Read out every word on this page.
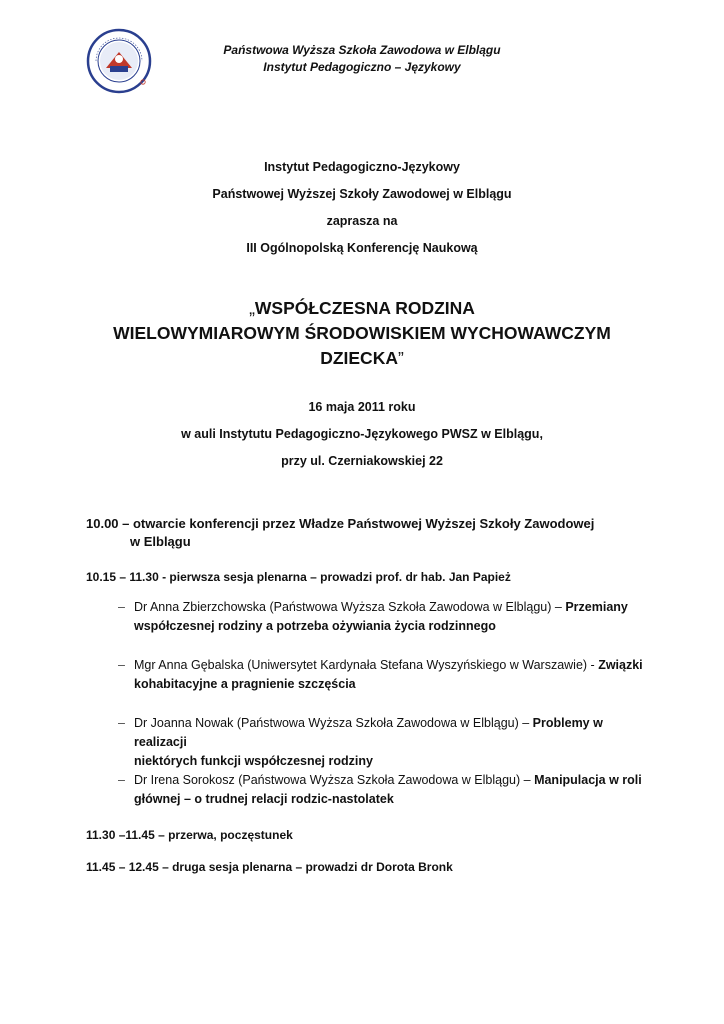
Państwowa Wyższa Szkoła Zawodowa w Elblągu
Instytut Pedagogiczno – Językowy
Instytut Pedagogiczno-Językowy
Państwowej Wyższej Szkoły Zawodowej w Elblągu
zaprasza na
III Ogólnopolską Konferencję Naukową
„WSPÓŁCZESNA RODZINA
WIELOWYMIAROWYM ŚRODOWISKIEM WYCHOWAWCZYM
DZIECKA”
16 maja 2011 roku
w auli Instytutu Pedagogiczno-Językowego PWSZ w Elblągu,
przy ul. Czerniakowskiej 22
10.00 – otwarcie konferencji przez Władze Państwowej Wyższej Szkoły Zawodowej
w Elblągu
10.15 – 11.30 - pierwsza sesja plenarna – prowadzi prof. dr hab. Jan Papież
– Dr Anna Zbierzchowska (Państwowa Wyższa Szkoła Zawodowa w Elblągu) – Przemiany
współczesnej rodziny a potrzeba ożywiania życia rodzinnego
– Mgr Anna Gębalska (Uniwersytet Kardynała Stefana Wyszyńskiego w Warszawie) - Związki
kohabitacyjne a pragnienie szczęścia
– Dr Joanna Nowak (Państwowa Wyższa Szkoła Zawodowa w Elblągu) – Problemy w realizacji
niektórych funkcji współczesnej rodziny
– Dr Irena Sorokosz (Państwowa Wyższa Szkoła Zawodowa w Elblągu) – Manipulacja w roli
głównej – o trudnej relacji rodzic-nastolatek
11.30 –11.45 – przerwa, poczęstunek
11.45 – 12.45 – druga sesja plenarna – prowadzi dr Dorota Bronk
